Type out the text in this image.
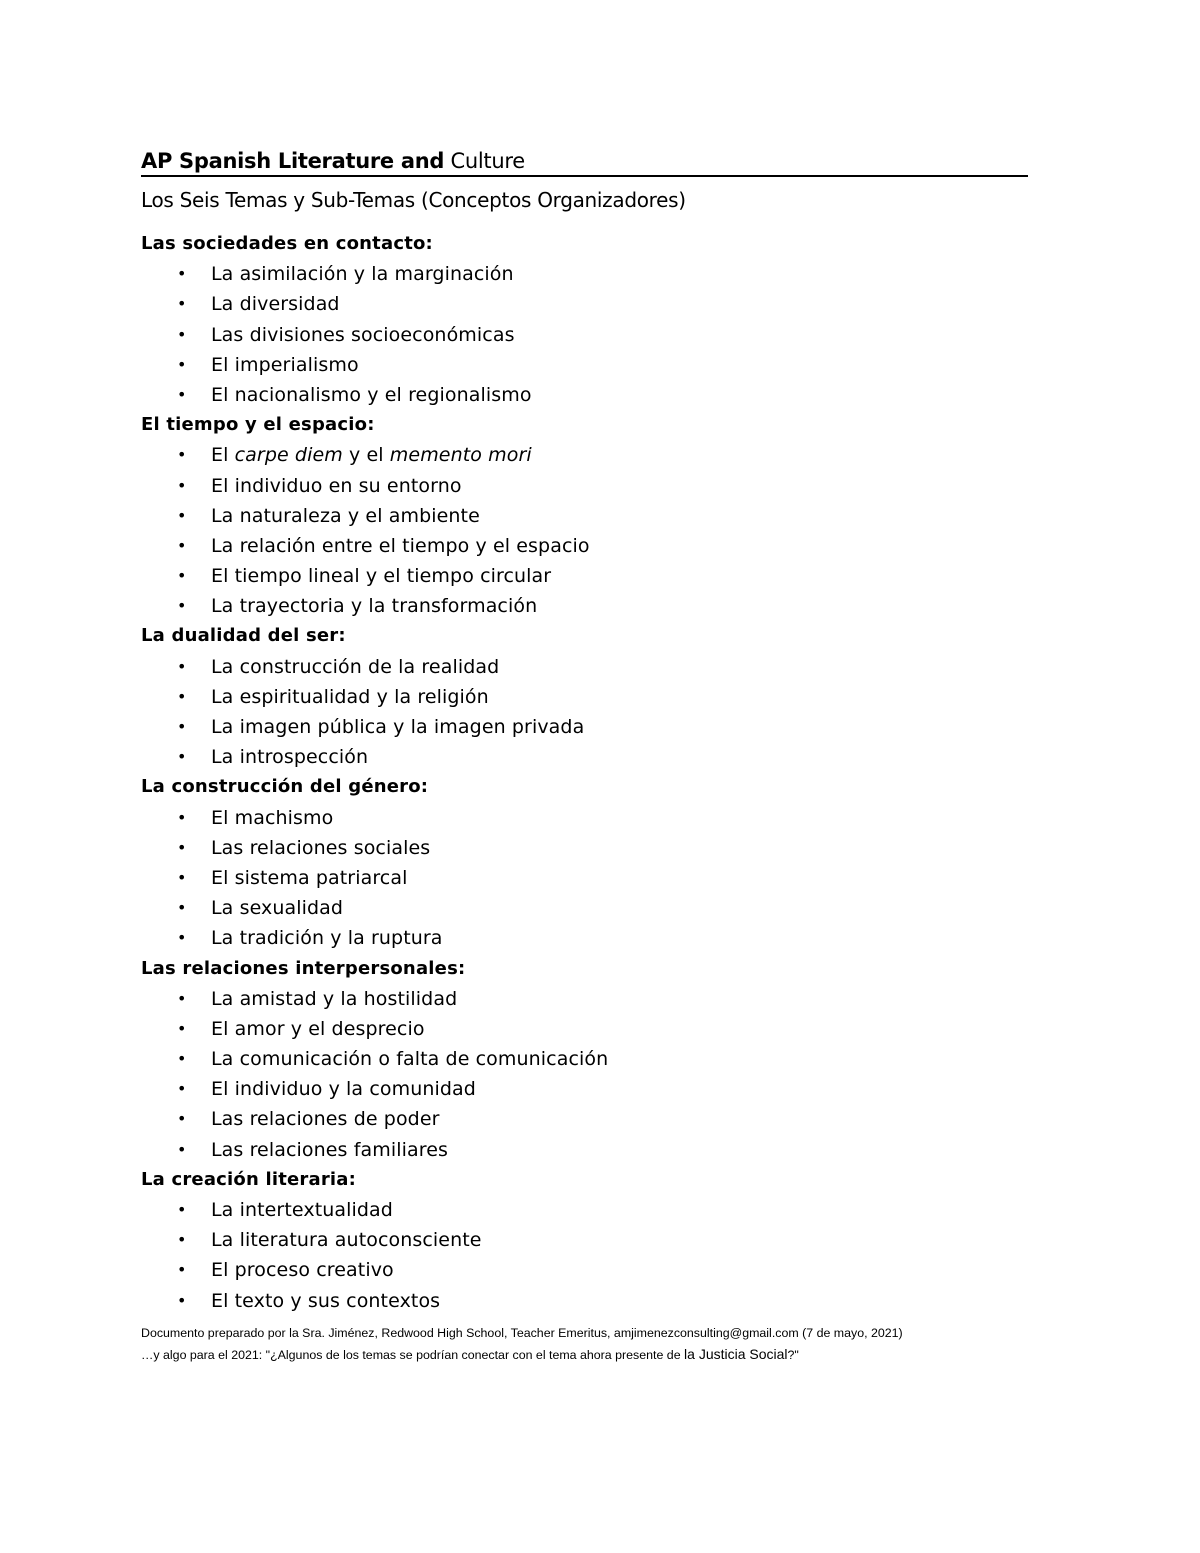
AP Spanish Literature and Culture
Los Seis Temas y Sub-Temas (Conceptos Organizadores)
Las sociedades en contacto:
• La asimilación y la marginación
• La diversidad
• Las divisiones socioeconómicas
• El imperialismo
• El nacionalismo y el regionalismo
El tiempo y el espacio:
• El carpe diem y el memento mori
• El individuo en su entorno
• La naturaleza y el ambiente
• La relación entre el tiempo y el espacio
• El tiempo lineal y el tiempo circular
• La trayectoria y la transformación
La dualidad del ser:
• La construcción de la realidad
• La espiritualidad y la religión
• La imagen pública y la imagen privada
• La introspección
La construcción del género:
• El machismo
• Las relaciones sociales
• El sistema patriarcal
• La sexualidad
• La tradición y la ruptura
Las relaciones interpersonales:
• La amistad y la hostilidad
• El amor y el desprecio
• La comunicación o falta de comunicación
• El individuo y la comunidad
• Las relaciones de poder
• Las relaciones familiares
La creación literaria:
• La intertextualidad
• La literatura autoconsciente
• El proceso creativo
• El texto y sus contextos
Documento preparado por la Sra. Jiménez, Redwood High School, Teacher Emeritus, amjimenezconsulting@gmail.com (7 de mayo, 2021)
…y algo para el 2021: "¿Algunos de los temas se podrían conectar con el tema ahora presente de la Justicia Social?"
